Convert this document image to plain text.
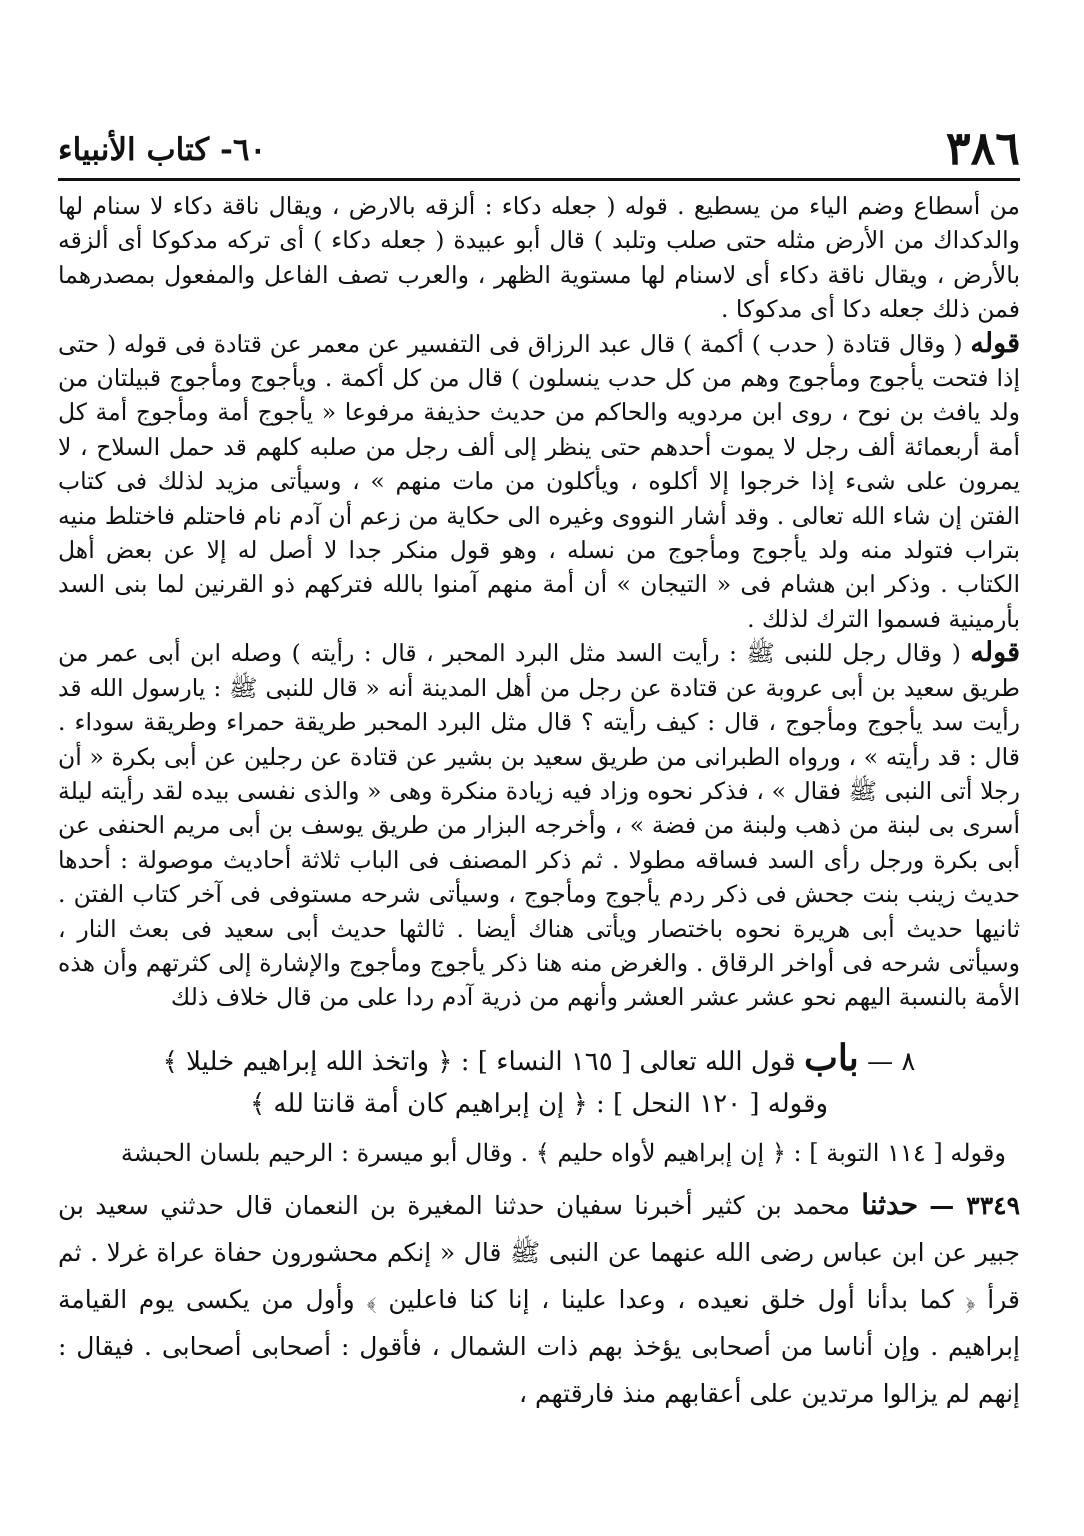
٣٨٦
٦٠- كتاب الأنبياء

من أسطاع وضم الياء من يسطيع . قوله ( جعله دكاء : ألزقه بالارض ، ويقال ناقة دكاء لا سنام لها والدكداك من الأرض مثله حتى صلب وتلبد ) قال أبو عبيدة ( جعله دكاء ) أى تركه مدكوكا أى ألزقه بالأرض ، ويقال ناقة دكاء أى لاسنام لها مستوية الظهر ، والعرب تصف الفاعل والمفعول بمصدرهما فمن ذلك جعله دكا أى مدكوكا .

قوله ( وقال قتادة ( حدب ) أكمة ) قال عبد الرزاق فى التفسير عن معمر عن قتادة فى قوله ( حتى إذا فتحت يأجوج ومأجوج وهم من كل حدب ينسلون ) قال من كل أكمة . ويأجوج ومأجوج قبيلتان من ولد يافث بن نوح ، روى ابن مردويه والحاكم من حديث حذيفة مرفوعا « يأجوج أمة ومأجوج أمة كل أمة أربعمائة ألف رجل لا يموت أحدهم حتى ينظر إلى ألف رجل من صلبه كلهم قد حمل السلاح ، لا يمرون على شىء إذا خرجوا إلا أكلوه ، ويأكلون من مات منهم » ، وسيأتى مزيد لذلك فى كتاب الفتن إن شاء الله تعالى . وقد أشار النووى وغيره الى حكاية من زعم أن آدم نام فاحتلم فاختلط منيه بتراب فتولد منه ولد يأجوج ومأجوج من نسله ، وهو قول منكر جدا لا أصل له إلا عن بعض أهل الكتاب . وذكر ابن هشام فى « التيجان » أن أمة منهم آمنوا بالله فتركهم ذو القرنين لما بنى السد بأرمينية فسموا الترك لذلك .

قوله ( وقال رجل للنبى ﷺ : رأيت السد مثل البرد المحبر ، قال : رأيته ) وصله ابن أبى عمر من طريق سعيد بن أبى عروبة عن قتادة عن رجل من أهل المدينة أنه « قال للنبى ﷺ : يارسول الله قد رأيت سد يأجوج ومأجوج ، قال : كيف رأيته ؟ قال مثل البرد المحبر طريقة حمراء وطريقة سوداء . قال : قد رأيته » ، ورواه الطبرانى من طريق سعيد بن بشير عن قتادة عن رجلين عن أبى بكرة « أن رجلا أتى النبى ﷺ فقال » ، فذكر نحوه وزاد فيه زيادة منكرة وهى « والذى نفسى بيده لقد رأيته ليلة أسرى بى لبنة من ذهب ولبنة من فضة » ، وأخرجه البزار من طريق يوسف بن أبى مريم الحنفى عن أبى بكرة ورجل رأى السد فساقه مطولا . ثم ذكر المصنف فى الباب ثلاثة أحاديث موصولة : أحدها حديث زينب بنت جحش فى ذكر ردم يأجوج ومأجوج ، وسيأتى شرحه مستوفى فى آخر كتاب الفتن . ثانيها حديث أبى هريرة نحوه باختصار ويأتى هناك أيضا . ثالثها حديث أبى سعيد فى بعث النار ، وسيأتى شرحه فى أواخر الرقاق . والغرض منه هنا ذكر يأجوج ومأجوج والإشارة إلى كثرتهم وأن هذه الأمة بالنسبة اليهم نحو عشر عشر العشر وأنهم من ذرية آدم ردا على من قال خلاف ذلك

٨ — باب قول الله تعالى [ ١٦٥ النساء ] : ﴿ واتخذ الله إبراهيم خليلا ﴾
وقوله [ ١٢٠ النحل ] : ﴿ إن إبراهيم كان أمة قانتا لله ﴾
وقوله [ ١١٤ التوبة ] : ﴿ إن إبراهيم لأواه حليم ﴾ . وقال أبو ميسرة : الرحيم بلسان الحبشة

٣٣٤٩ — حدثنا محمد بن كثير أخبرنا سفيان حدثنا المغيرة بن النعمان قال حدثني سعيد بن جبير عن ابن عباس رضى الله عنهما عن النبى ﷺ قال « إنكم محشورون حفاة عراة غرلا . ثم قرأ ﴿ كما بدأنا أول خلق نعيده ، وعدا علينا ، إنا كنا فاعلين ﴾ وأول من يكسى يوم القيامة إبراهيم . وإن أناسا من أصحابى يؤخذ بهم ذات الشمال ، فأقول : أصحابى أصحابى . فيقال : إنهم لم يزالوا مرتدين على أعقابهم منذ فارقتهم ،
